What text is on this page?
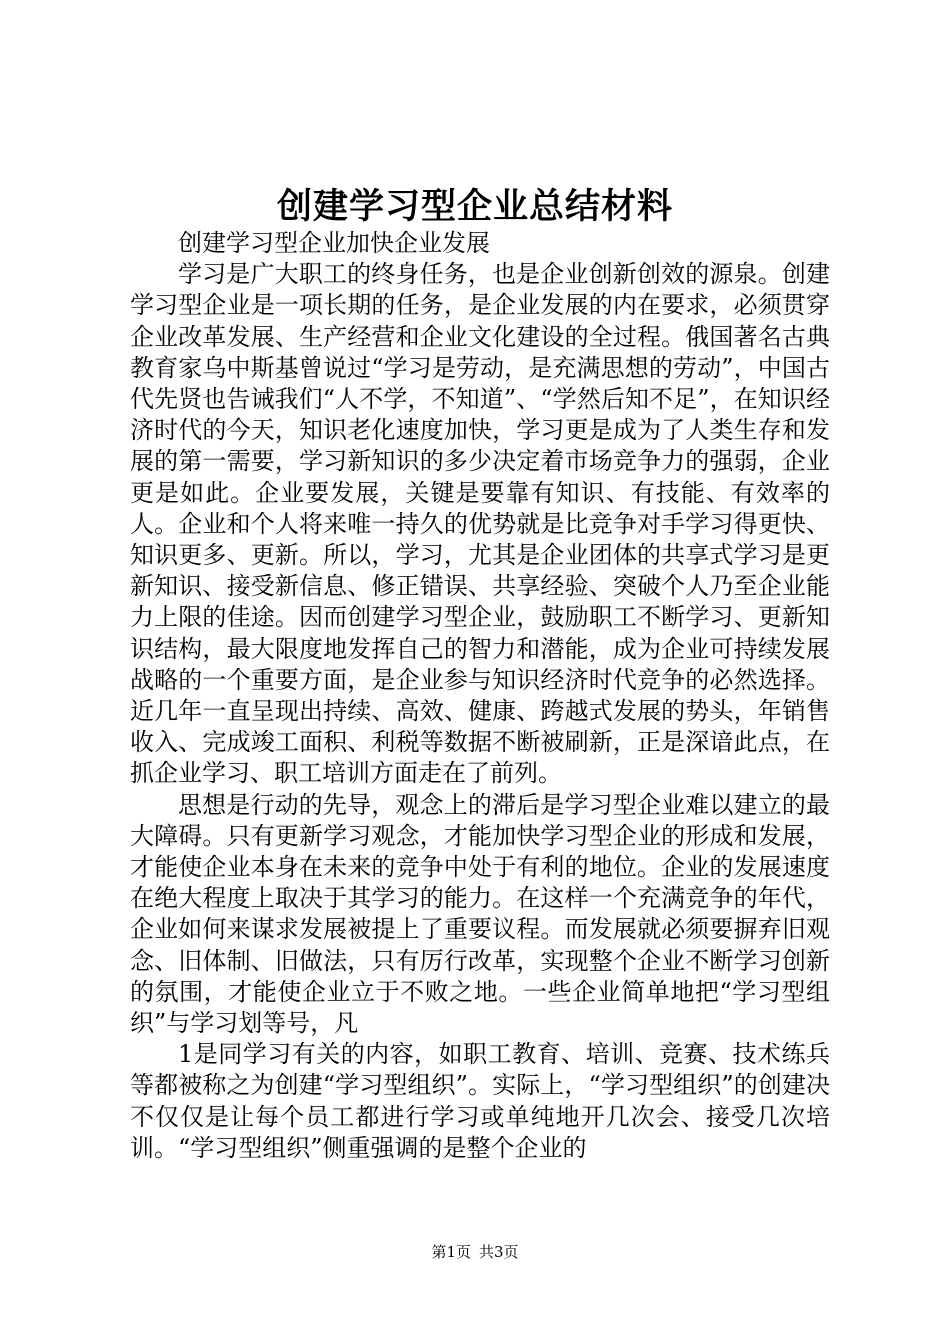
创建学习型企业总结材料

创建学习型企业加快企业发展

学习是广大职工的终身任务，也是企业创新创效的源泉。创建学习型企业是一项长期的任务，是企业发展的内在要求，必须贯穿企业改革发展、生产经营和企业文化建设的全过程。俄国著名古典教育家乌中斯基曾说过“学习是劳动，是充满思想的劳动”，中国古代先贤也告诫我们“人不学，不知道”、“学然后知不足”，在知识经济时代的今天，知识老化速度加快，学习更是成为了人类生存和发展的第一需要，学习新知识的多少决定着市场竞争力的强弱，企业更是如此。企业要发展，关键是要靠有知识、有技能、有效率的人。企业和个人将来唯一持久的优势就是比竞争对手学习得更快、知识更多、更新。所以，学习，尤其是企业团体的共享式学习是更新知识、接受新信息、修正错误、共享经验、突破个人乃至企业能力上限的佳途。因而创建学习型企业，鼓励职工不断学习、更新知识结构，最大限度地发挥自己的智力和潜能，成为企业可持续发展战略的一个重要方面，是企业参与知识经济时代竞争的必然选择。近几年一直呈现出持续、高效、健康、跨越式发展的势头，年销售收入、完成竣工面积、利税等数据不断被刷新，正是深谙此点，在抓企业学习、职工培训方面走在了前列。

思想是行动的先导，观念上的滞后是学习型企业难以建立的最大障碍。只有更新学习观念，才能加快学习型企业的形成和发展，才能使企业本身在未来的竞争中处于有利的地位。企业的发展速度在绝大程度上取决于其学习的能力。在这样一个充满竞争的年代，企业如何来谋求发展被提上了重要议程。而发展就必须要摒弃旧观念、旧体制、旧做法，只有厉行改革，实现整个企业不断学习创新的氛围，才能使企业立于不败之地。一些企业简单地把“学习型组织”与学习划等号，凡

1是同学习有关的内容，如职工教育、培训、竞赛、技术练兵等都被称之为创建“学习型组织”。实际上，“学习型组织”的创建决不仅仅是让每个员工都进行学习或单纯地开几次会、接受几次培训。“学习型组织”侧重强调的是整个企业的

第1页 共3页
